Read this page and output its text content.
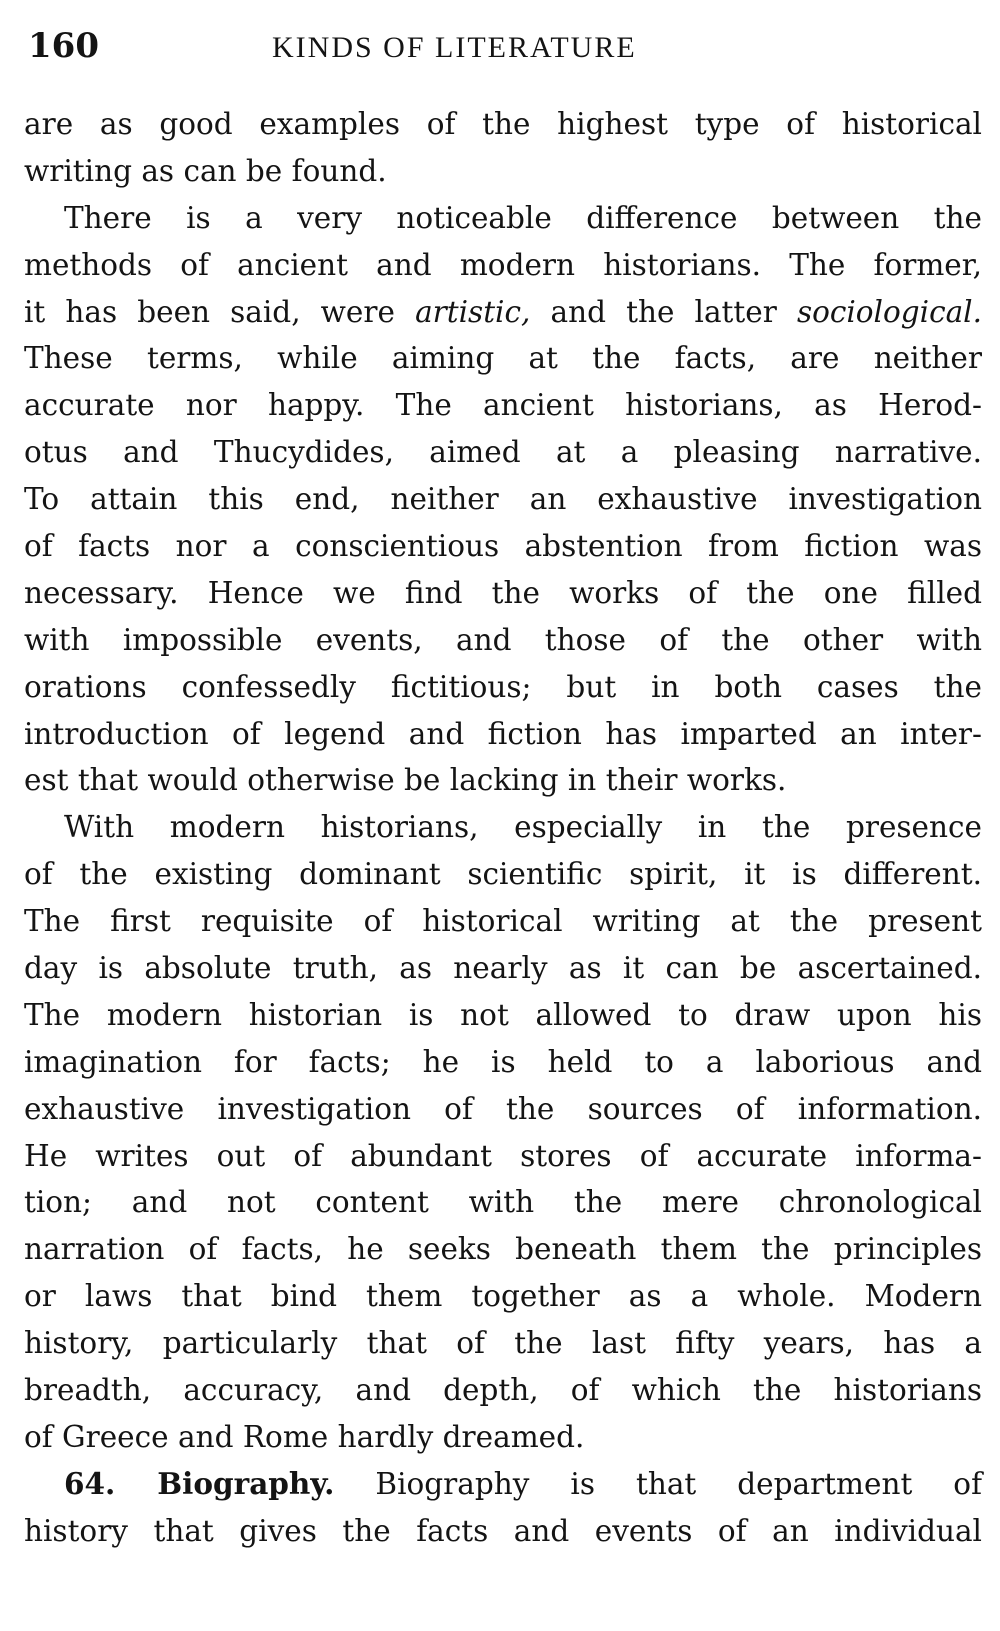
160	KINDS OF LITERATURE
are as good examples of the highest type of historical
writing as can be found.
There is a very noticeable difference between the
methods of ancient and modern historians. The former,
it has been said, were artistic, and the latter sociological.
These terms, while aiming at the facts, are neither
accurate nor happy. The ancient historians, as Herod-
otus and Thucydides, aimed at a pleasing narrative.
To attain this end, neither an exhaustive investigation
of facts nor a conscientious abstention from fiction was
necessary. Hence we find the works of the one filled
with impossible events, and those of the other with
orations confessedly fictitious; but in both cases the
introduction of legend and fiction has imparted an inter-
est that would otherwise be lacking in their works.
With modern historians, especially in the presence
of the existing dominant scientific spirit, it is different.
The first requisite of historical writing at the present
day is absolute truth, as nearly as it can be ascertained.
The modern historian is not allowed to draw upon his
imagination for facts; he is held to a laborious and
exhaustive investigation of the sources of information.
He writes out of abundant stores of accurate informa-
tion; and not content with the mere chronological
narration of facts, he seeks beneath them the principles
or laws that bind them together as a whole. Modern
history, particularly that of the last fifty years, has a
breadth, accuracy, and depth, of which the historians
of Greece and Rome hardly dreamed.
64. Biography. Biography is that department of
history that gives the facts and events of an individual
